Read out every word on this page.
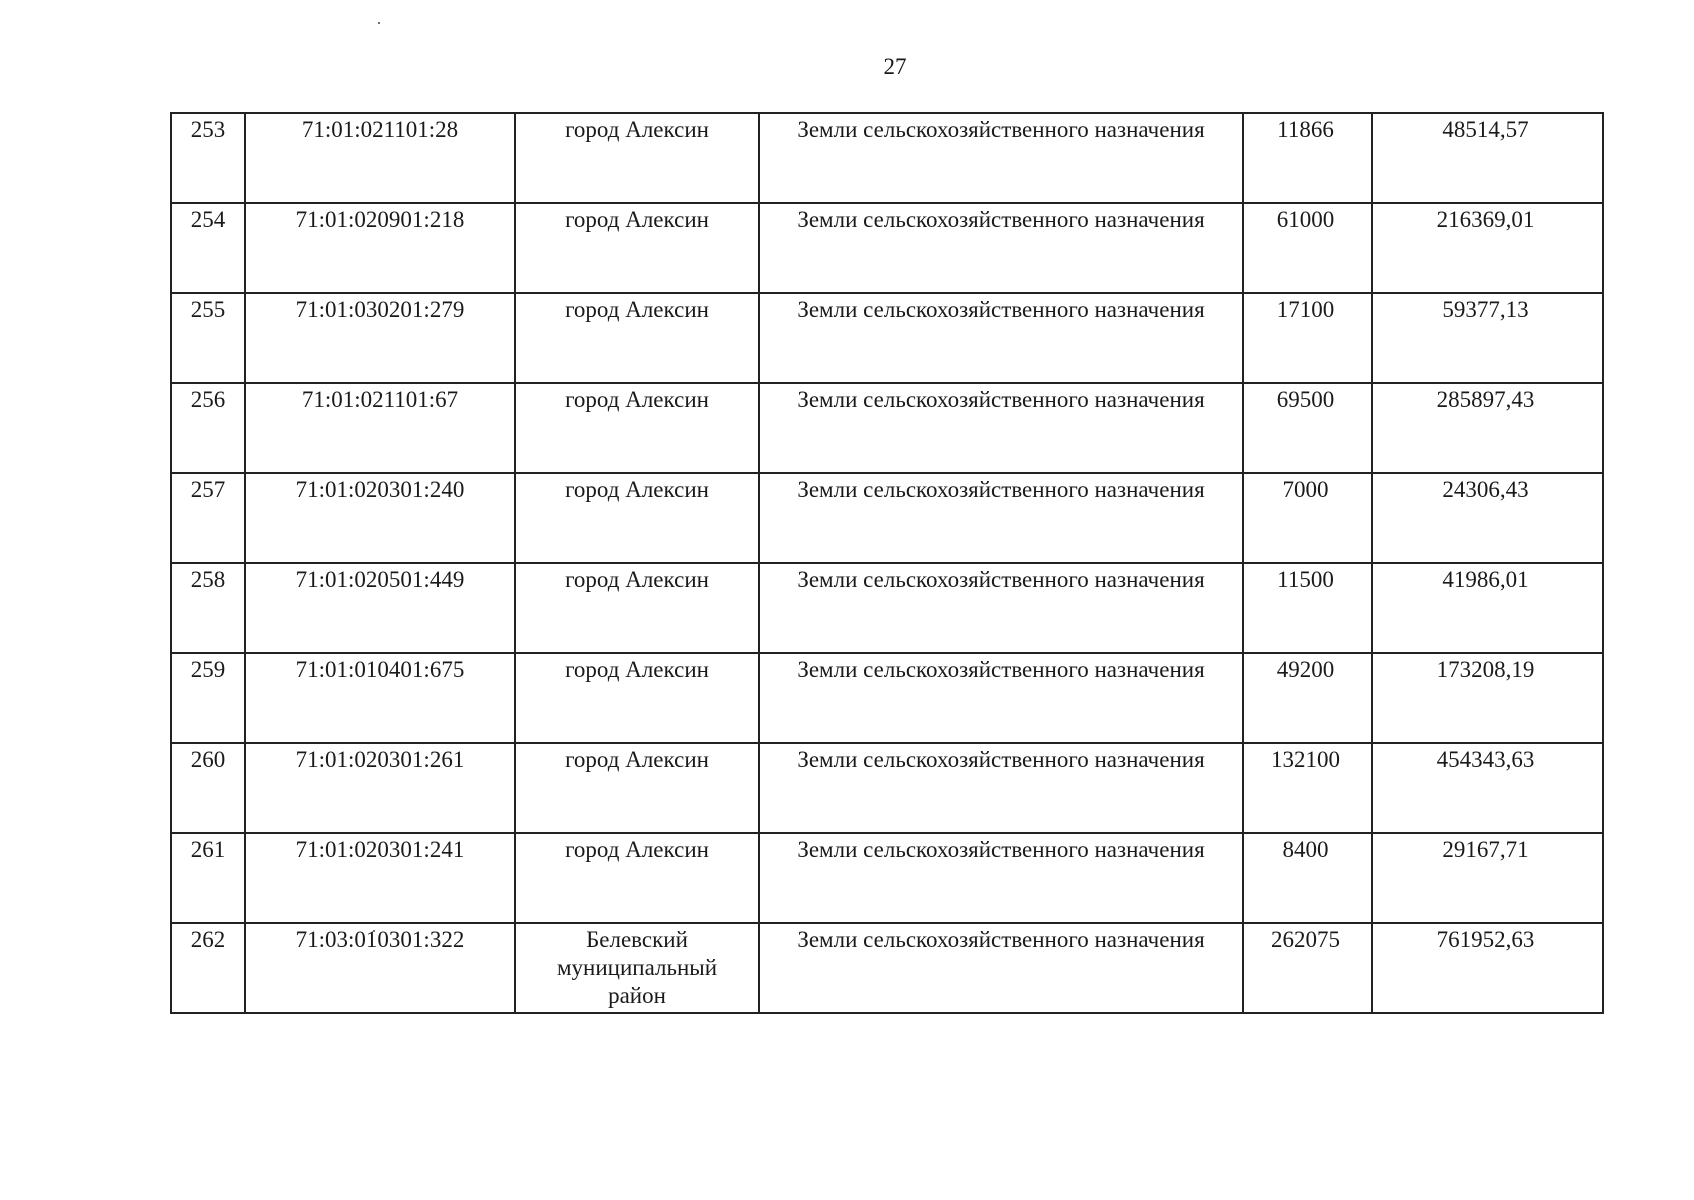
27
253	71:01:021101:28	город Алексин	Земли сельскохозяйственного назначения	11866	48514,57
254	71:01:020901:218	город Алексин	Земли сельскохозяйственного назначения	61000	216369,01
255	71:01:030201:279	город Алексин	Земли сельскохозяйственного назначения	17100	59377,13
256	71:01:021101:67	город Алексин	Земли сельскохозяйственного назначения	69500	285897,43
257	71:01:020301:240	город Алексин	Земли сельскохозяйственного назначения	7000	24306,43
258	71:01:020501:449	город Алексин	Земли сельскохозяйственного назначения	11500	41986,01
259	71:01:010401:675	город Алексин	Земли сельскохозяйственного назначения	49200	173208,19
260	71:01:020301:261	город Алексин	Земли сельскохозяйственного назначения	132100	454343,63
261	71:01:020301:241	город Алексин	Земли сельскохозяйственного назначения	8400	29167,71
262	71:03:010301:322	Белевский муниципальный район	Земли сельскохозяйственного назначения	262075	761952,63
